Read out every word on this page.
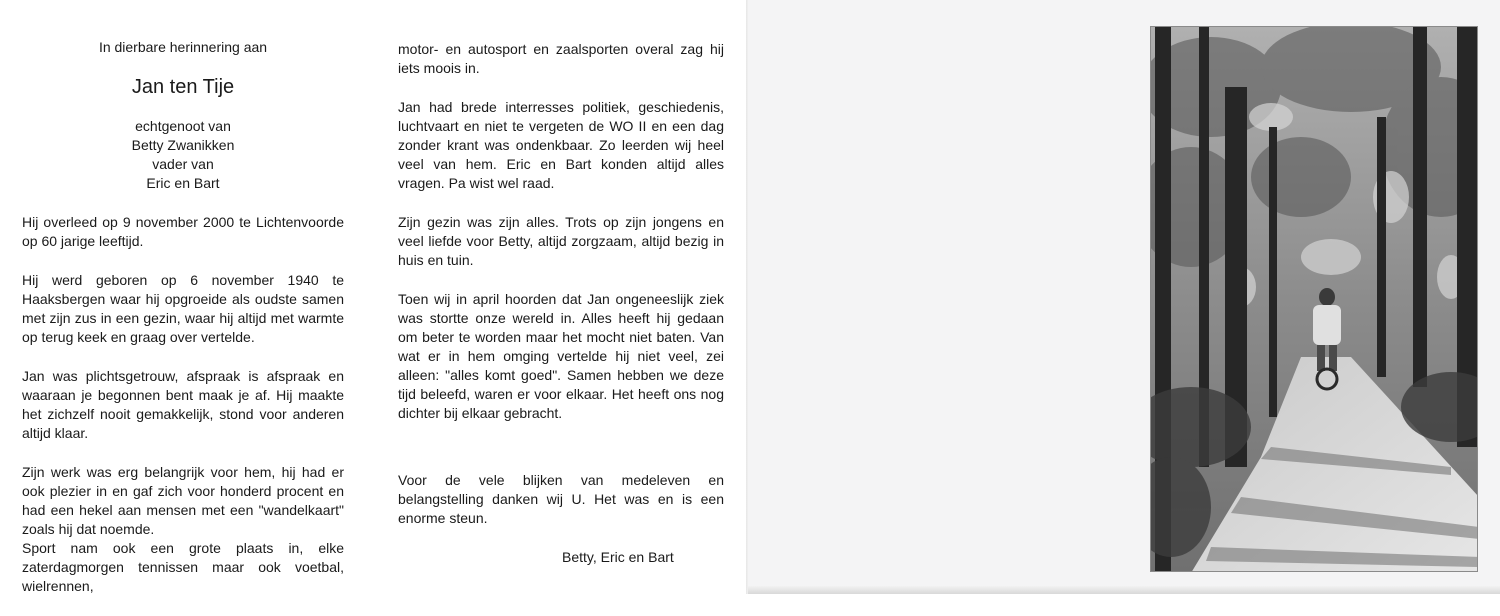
In dierbare herinnering aan
Jan ten Tije
echtgenoot van
Betty Zwanikken
vader van
Eric en Bart

Hij overleed op 9 november 2000 te Lichtenvoorde op 60 jarige leeftijd.

Hij werd geboren op 6 november 1940 te Haaksbergen waar hij opgroeide als oudste samen met zijn zus in een gezin, waar hij altijd met warmte op terug keek en graag over vertelde.

Jan was plichtsgetrouw, afspraak is afspraak en waaraan je begonnen bent maak je af. Hij maakte het zichzelf nooit gemakkelijk, stond voor anderen altijd klaar.

Zijn werk was erg belangrijk voor hem, hij had er ook plezier in en gaf zich voor honderd procent en had een hekel aan mensen met een "wandelkaart" zoals hij dat noemde.

Sport nam ook een grote plaats in, elke zaterdagmorgen tennissen maar ook voetbal, wielrennen,

motor- en autosport en zaalsporten overal zag hij iets moois in.

Jan had brede interresses politiek, geschiedenis, luchtvaart en niet te vergeten de WO II en een dag zonder krant was ondenkbaar. Zo leerden wij heel veel van hem. Eric en Bart konden altijd alles vragen. Pa wist wel raad.

Zijn gezin was zijn alles. Trots op zijn jongens en veel liefde voor Betty, altijd zorgzaam, altijd bezig in huis en tuin.

Toen wij in april hoorden dat Jan ongeneeslijk ziek was stortte onze wereld in. Alles heeft hij gedaan om beter te worden maar het mocht niet baten. Van wat er in hem omging vertelde hij niet veel, zei alleen: "alles komt goed". Samen hebben we deze tijd beleefd, waren er voor elkaar. Het heeft ons nog dichter bij elkaar gebracht.

Voor de vele blijken van medeleven en belangstelling danken wij U. Het was en is een enorme steun.

Betty, Eric en Bart
